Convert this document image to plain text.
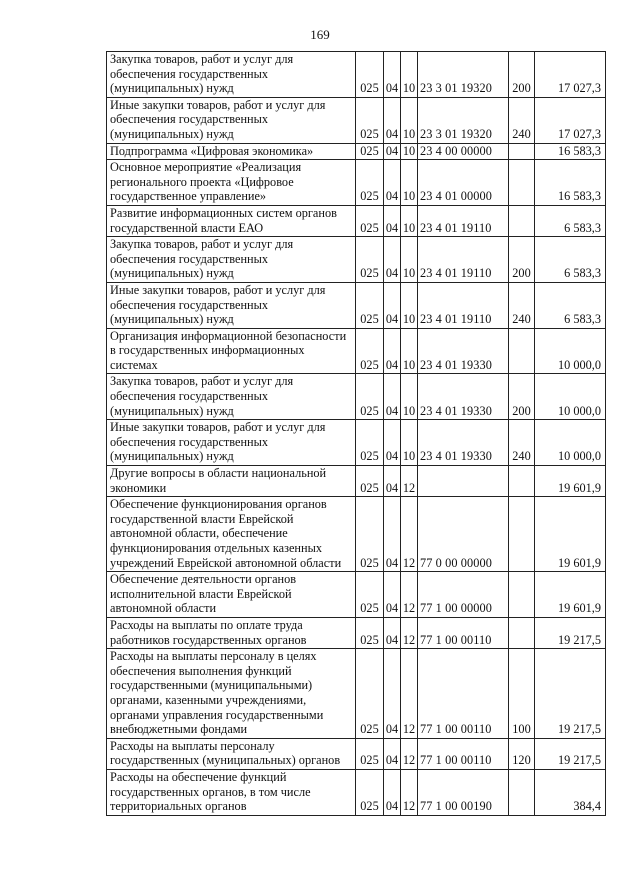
169
Закупка товаров, работ и услуг для обеспечения государственных (муниципальных) нужд	025	04	10	23 3 01 19320	200	17 027,3
Иные закупки товаров, работ и услуг для обеспечения государственных (муниципальных) нужд	025	04	10	23 3 01 19320	240	17 027,3
Подпрограмма «Цифровая экономика»	025	04	10	23 4 00 00000		16 583,3
Основное мероприятие «Реализация регионального проекта «Цифровое государственное управление»	025	04	10	23 4 01 00000		16 583,3
Развитие информационных систем органов государственной власти ЕАО	025	04	10	23 4 01 19110		6 583,3
Закупка товаров, работ и услуг для обеспечения государственных (муниципальных) нужд	025	04	10	23 4 01 19110	200	6 583,3
Иные закупки товаров, работ и услуг для обеспечения государственных (муниципальных) нужд	025	04	10	23 4 01 19110	240	6 583,3
Организация информационной безопасности в государственных информационных системах	025	04	10	23 4 01 19330		10 000,0
Закупка товаров, работ и услуг для обеспечения государственных (муниципальных) нужд	025	04	10	23 4 01 19330	200	10 000,0
Иные закупки товаров, работ и услуг для обеспечения государственных (муниципальных) нужд	025	04	10	23 4 01 19330	240	10 000,0
Другие вопросы в области национальной экономики	025	04	12			19 601,9
Обеспечение функционирования органов государственной власти Еврейской автономной области, обеспечение функционирования отдельных казенных учреждений Еврейской автономной области	025	04	12	77 0 00 00000		19 601,9
Обеспечение деятельности органов исполнительной власти Еврейской автономной области	025	04	12	77 1 00 00000		19 601,9
Расходы на выплаты по оплате труда работников государственных органов	025	04	12	77 1 00 00110		19 217,5
Расходы на выплаты персоналу в целях обеспечения выполнения функций государственными (муниципальными) органами, казенными учреждениями, органами управления государственными внебюджетными фондами	025	04	12	77 1 00 00110	100	19 217,5
Расходы на выплаты персоналу государственных (муниципальных) органов	025	04	12	77 1 00 00110	120	19 217,5
Расходы на обеспечение функций государственных органов, в том числе территориальных органов	025	04	12	77 1 00 00190		384,4
